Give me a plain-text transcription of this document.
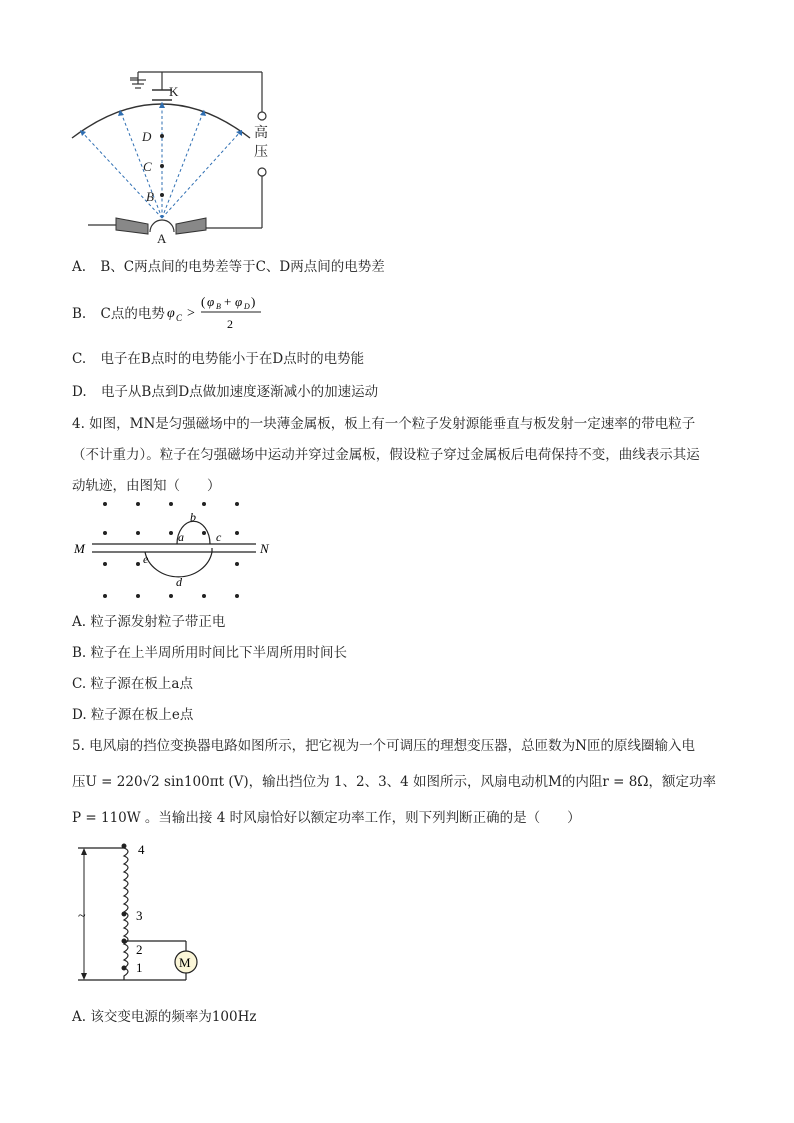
K
D
C
B
高
压
A
A. B、C两点间的电势差等于C、D两点间的电势差
B. C点的电势 φ C >
( φ B + φ D )
2
C. 电子在B点时的电势能小于在D点时的电势能
D. 电子从B点到D点做加速度逐渐减小的加速运动
4. 如图，MN是匀强磁场中的一块薄金属板，板上有一个粒子发射源能垂直与板发射一定速率的带电粒子
（不计重力）。粒子在匀强磁场中运动并穿过金属板，假设粒子穿过金属板后电荷保持不变，曲线表示其运
动轨迹，由图知（　　）
M	N
a
b
c
d
e
A. 粒子源发射粒子带正电
B. 粒子在上半周所用时间比下半周所用时间长
C. 粒子源在板上a点
D. 粒子源在板上e点
5. 电风扇的挡位变换器电路如图所示，把它视为一个可调压的理想变压器，总匝数为N匝的原线圈输入电
压U = 220√2 sin100πt (V)，输出挡位为 1、2、3、4 如图所示，风扇电动机M的内阻r = 8Ω，额定功率
P = 110W 。当输出接 4 时风扇恰好以额定功率工作，则下列判断正确的是（　　）
~
4
3
2
1	M
A. 该交变电源的频率为100Hz
